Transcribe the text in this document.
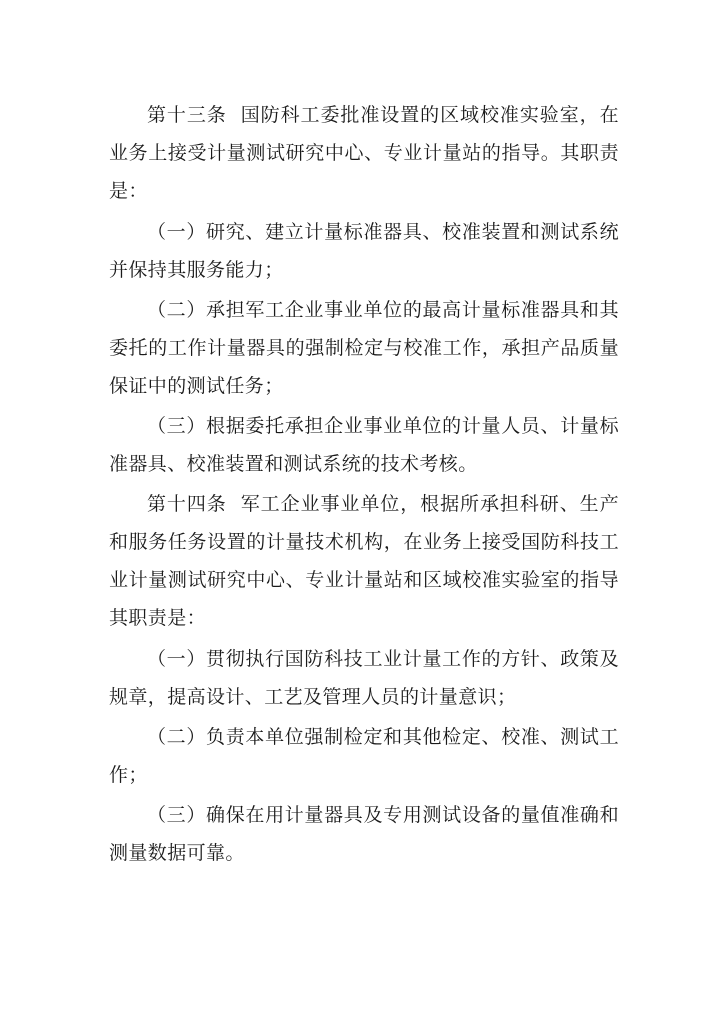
第十三条 国防科工委批准设置的区域校准实验室，在业务上接受计量测试研究中心、专业计量站的指导。其职责是：

（一）研究、建立计量标准器具、校准装置和测试系统并保持其服务能力；

（二）承担军工企业事业单位的最高计量标准器具和其委托的工作计量器具的强制检定与校准工作，承担产品质量保证中的测试任务；

（三）根据委托承担企业事业单位的计量人员、计量标准器具、校准装置和测试系统的技术考核。

第十四条 军工企业事业单位，根据所承担科研、生产和服务任务设置的计量技术机构，在业务上接受国防科技工业计量测试研究中心、专业计量站和区域校准实验室的指导其职责是：

（一）贯彻执行国防科技工业计量工作的方针、政策及规章，提高设计、工艺及管理人员的计量意识；

（二）负责本单位强制检定和其他检定、校准、测试工作；

（三）确保在用计量器具及专用测试设备的量值准确和测量数据可靠。
